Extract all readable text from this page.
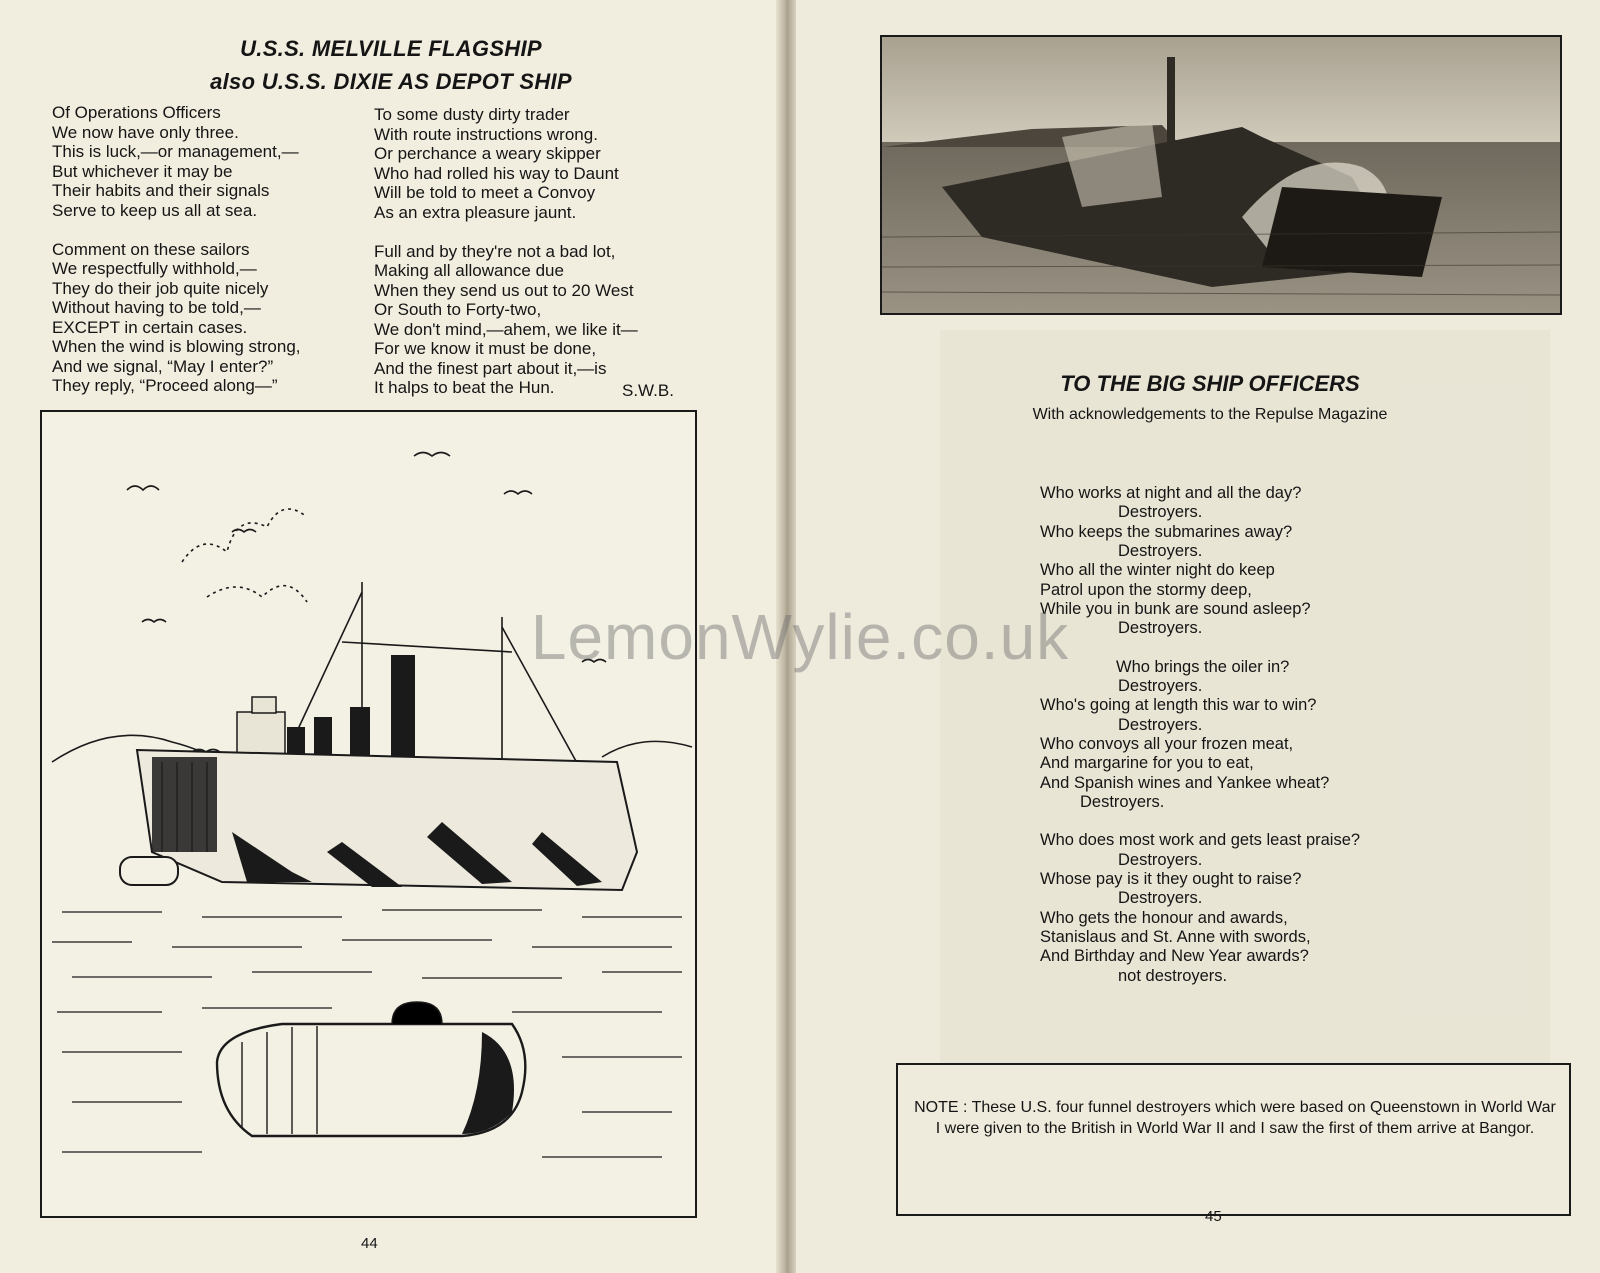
U.S.S. MELVILLE FLAGSHIP
also U.S.S. DIXIE AS DEPOT SHIP
Of Operations Officers
We now have only three.
This is luck,—or management,—
But whichever it may be
Their habits and their signals
Serve to keep us all at sea.
Comment on these sailors
We respectfully withhold,—
They do their job quite nicely
Without having to be told,—
EXCEPT in certain cases.
When the wind is blowing strong,
And we signal, “May I enter?”
They reply, “Proceed along—”
To some dusty dirty trader
With route instructions wrong.
Or perchance a weary skipper
Who had rolled his way to Daunt
Will be told to meet a Convoy
As an extra pleasure jaunt.
Full and by they're not a bad lot,
Making all allowance due
When they send us out to 20 West
Or South to Forty-two,
We don't mind,—ahem, we like it—
For we know it must be done,
And the finest part about it,—is
It halps to beat the Hun.	S.W.B.
44
TO THE BIG SHIP OFFICERS
With acknowledgements to the Repulse Magazine
Who works at night and all the day?
Destroyers.
Who keeps the submarines away?
Destroyers.
Who all the winter night do keep
Patrol upon the stormy deep,
While you in bunk are sound asleep?
Destroyers.
Who brings the oiler in?
Destroyers.
Who's going at length this war to win?
Destroyers.
Who convoys all your frozen meat,
And margarine for you to eat,
And Spanish wines and Yankee wheat?
Destroyers.
Who does most work and gets least praise?
Destroyers.
Whose pay is it they ought to raise?
Destroyers.
Who gets the honour and awards,
Stanislaus and St. Anne with swords,
And Birthday and New Year awards?
not destroyers.
NOTE : These U.S. four funnel destroyers which were based on Queenstown in World War I were given to the British in World War II and I saw the first of them arrive at Bangor.
45
LemonWylie.co.uk
